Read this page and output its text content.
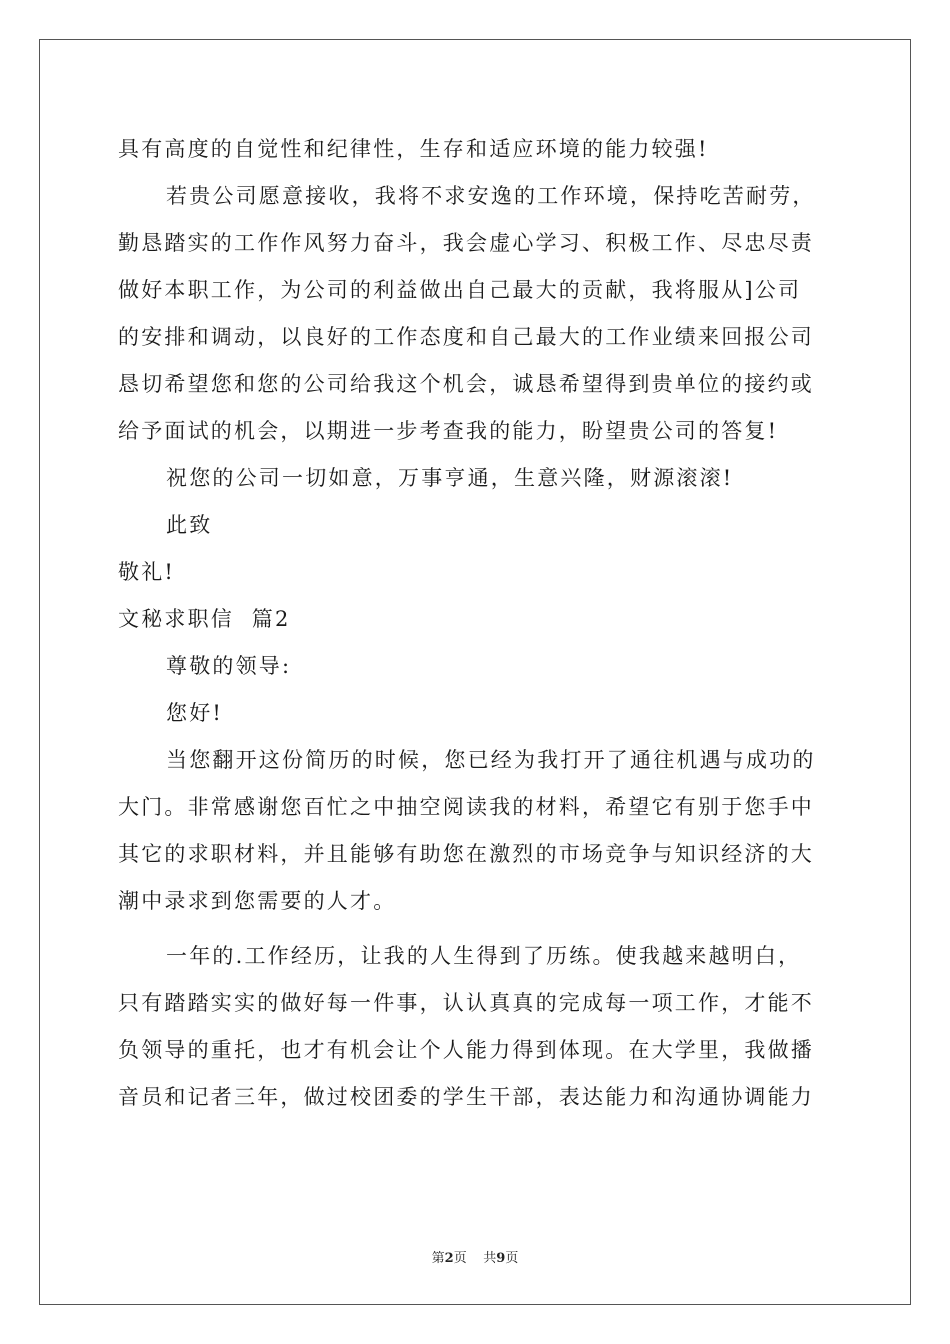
具有高度的自觉性和纪律性，生存和适应环境的能力较强!
若贵公司愿意接收，我将不求安逸的工作环境，保持吃苦耐劳，
勤恳踏实的工作作风努力奋斗，我会虚心学习、积极工作、尽忠尽责
做好本职工作，为公司的利益做出自己最大的贡献，我将服从]公司
的安排和调动，以良好的工作态度和自己最大的工作业绩来回报公司
恳切希望您和您的公司给我这个机会，诚恳希望得到贵单位的接约或
给予面试的机会，以期进一步考查我的能力，盼望贵公司的答复!
祝您的公司一切如意，万事亨通，生意兴隆，财源滚滚!
此致
敬礼!
文秘求职信  篇2
尊敬的领导:
您好!
当您翻开这份简历的时候，您已经为我打开了通往机遇与成功的
大门。非常感谢您百忙之中抽空阅读我的材料，希望它有别于您手中
其它的求职材料，并且能够有助您在激烈的市场竞争与知识经济的大
潮中录求到您需要的人才。
一年的.工作经历，让我的人生得到了历练。使我越来越明白，
只有踏踏实实的做好每一件事，认认真真的完成每一项工作，才能不
负领导的重托，也才有机会让个人能力得到体现。在大学里，我做播
音员和记者三年，做过校团委的学生干部，表达能力和沟通协调能力
第2页 共9页
